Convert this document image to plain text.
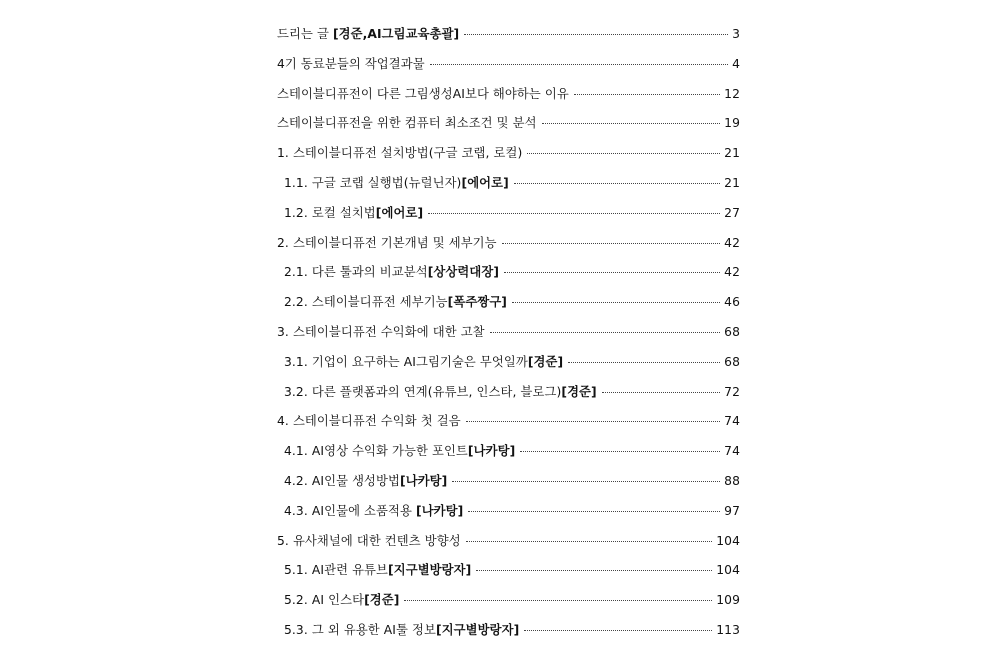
드리는 글 [경준,AI그림교육총괄]	3
4기 동료분들의 작업결과물	4
스테이블디퓨전이 다른 그림생성AI보다 해야하는 이유	12
스테이블디퓨전을 위한 컴퓨터 최소조건 및 분석	19
1. 스테이블디퓨전 설치방법(구글 코랩, 로컬)	21
1.1. 구글 코랩 실행법(뉴럴닌자)[에어로]	21
1.2. 로컬 설치법[에어로]	27
2. 스테이블디퓨전 기본개념 및 세부기능	42
2.1. 다른 툴과의 비교분석[상상력대장]	42
2.2. 스테이블디퓨전 세부기능[폭주짱구]	46
3. 스테이블디퓨전 수익화에 대한 고찰	68
3.1. 기업이 요구하는 AI그림기술은 무엇일까[경준]	68
3.2. 다른 플랫폼과의 연계(유튜브, 인스타, 블로그)[경준]	72
4. 스테이블디퓨전 수익화 첫 걸음	74
4.1. AI영상 수익화 가능한 포인트[나카탕]	74
4.2. AI인물 생성방법[나카탕]	88
4.3. AI인물에 소품적용 [나카탕]	97
5. 유사채널에 대한 컨텐츠 방향성	104
5.1. AI관련 유튜브[지구별방랑자]	104
5.2. AI 인스타[경준]	109
5.3. 그 외 유용한 AI툴 정보[지구별방랑자]	113
